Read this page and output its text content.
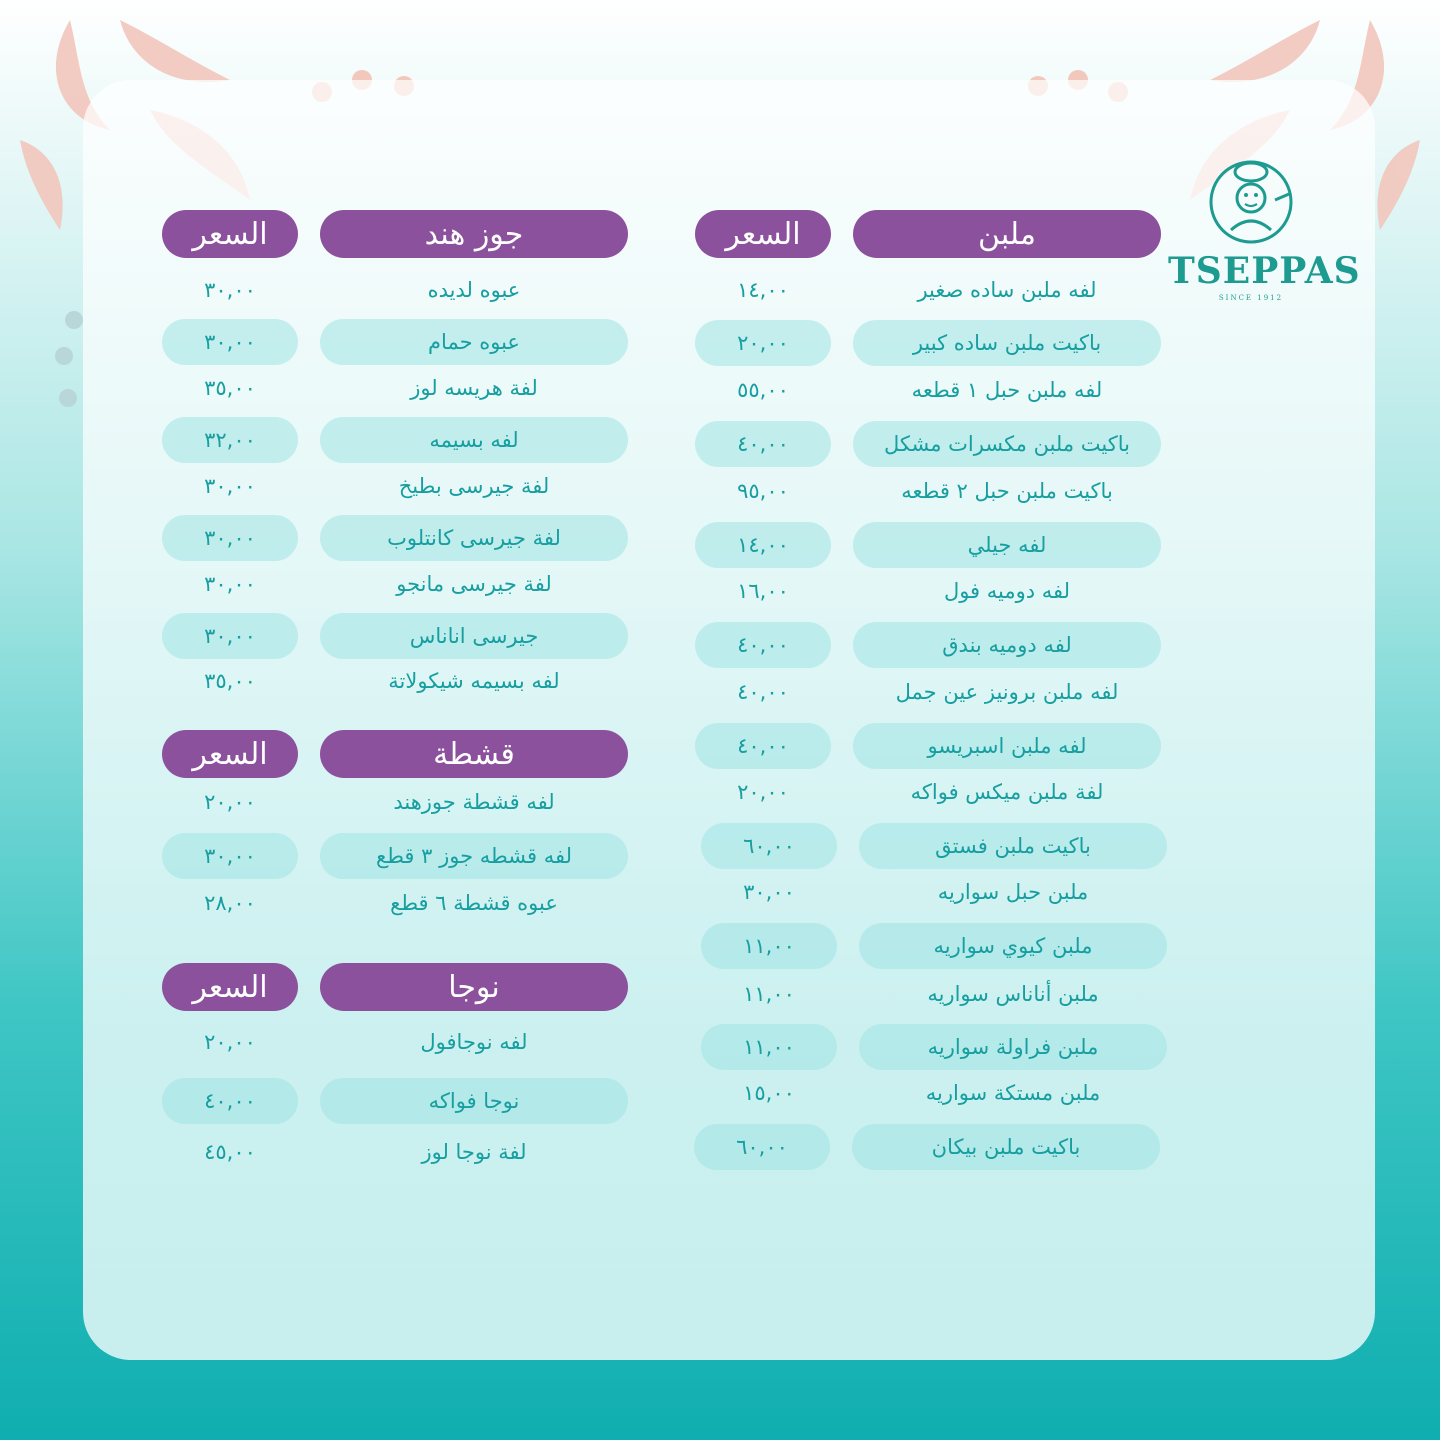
TSEPPAS
SINCE 1912
ملبن
السعر
لفه ملبن ساده صغير
١٤,٠٠
باكيت ملبن ساده كبير
٢٠,٠٠
لفه ملبن حبل ١ قطعه
٥٥,٠٠
باكيت ملبن مكسرات مشكل
٤٠,٠٠
باكيت ملبن حبل ٢ قطعه
٩٥,٠٠
لفه جيلي
١٤,٠٠
لفه دوميه فول
١٦,٠٠
لفه دوميه بندق
٤٠,٠٠
لفه ملبن برونيز عين جمل
٤٠,٠٠
لفه ملبن اسبريسو
٤٠,٠٠
لفة ملبن ميكس فواكه
٢٠,٠٠
باكيت ملبن فستق
٦٠,٠٠
ملبن حبل سواريه
٣٠,٠٠
ملبن كيوي سواريه
١١,٠٠
ملبن أناناس سواريه
١١,٠٠
ملبن فراولة سواريه
١١,٠٠
ملبن مستكة سواريه
١٥,٠٠
باكيت ملبن بيكان
٦٠,٠٠
جوز هند
السعر
عبوه لديده
٣٠,٠٠
عبوه حمام
٣٠,٠٠
لفة هريسه لوز
٣٥,٠٠
لفه بسيمه
٣٢,٠٠
لفة جيرسى بطيخ
٣٠,٠٠
لفة جيرسى كانتلوب
٣٠,٠٠
لفة جيرسى مانجو
٣٠,٠٠
جيرسى اناناس
٣٠,٠٠
لفه بسيمه شيكولاتة
٣٥,٠٠
قشطة
السعر
لفه قشطة جوزهند
٢٠,٠٠
لفه قشطه جوز ٣ قطع
٣٠,٠٠
عبوه قشطة ٦ قطع
٢٨,٠٠
نوجا
السعر
لفه نوجافول
٢٠,٠٠
نوجا فواكه
٤٠,٠٠
لفة نوجا لوز
٤٥,٠٠
